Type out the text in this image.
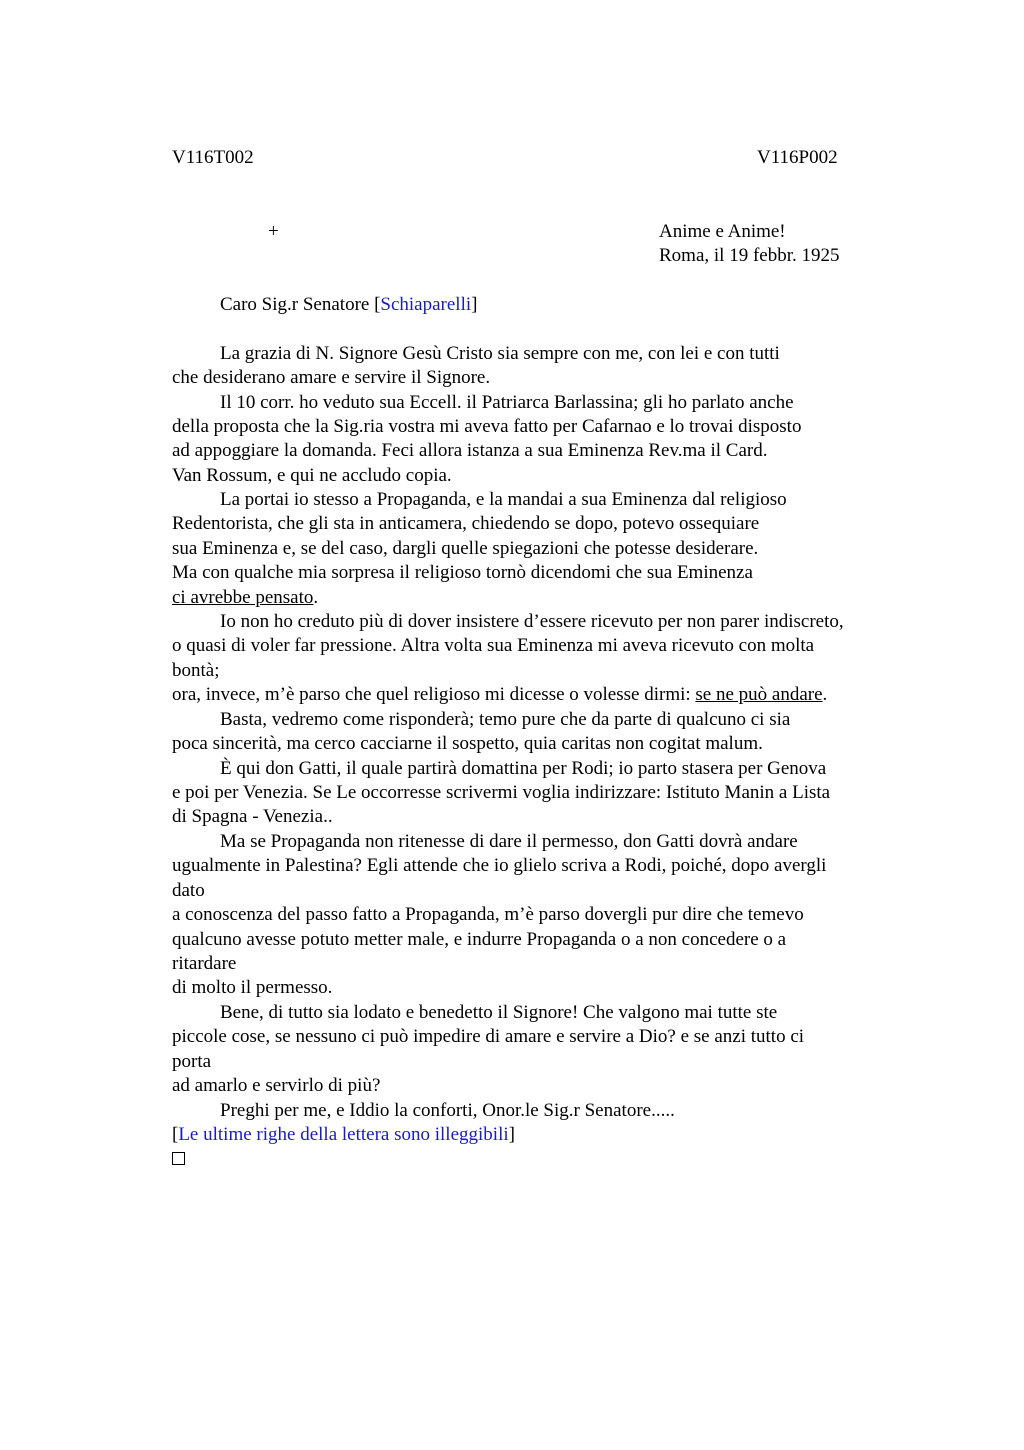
V116T002	V116P002
+	Anime e Anime!
Roma, il 19 febbr. 1925
Caro Sig.r Senatore [Schiaparelli]
La grazia di N. Signore Gesù Cristo sia sempre con me, con lei e con tutti
che desiderano amare e servire il Signore.
Il 10 corr. ho veduto sua Eccell. il Patriarca Barlassina; gli ho parlato anche
della proposta che la Sig.ria vostra mi aveva fatto per Cafarnao e lo trovai disposto
ad appoggiare la domanda. Feci allora istanza a sua Eminenza Rev.ma il Card.
Van Rossum, e qui ne accludo copia.
La portai io stesso a Propaganda, e la mandai a sua Eminenza dal religioso
Redentorista, che gli sta in anticamera, chiedendo se dopo, potevo ossequiare
sua Eminenza e, se del caso, dargli quelle spiegazioni che potesse desiderare.
Ma con qualche mia sorpresa il religioso tornò dicendomi che sua Eminenza
ci avrebbe pensato.
Io non ho creduto più di dover insistere d’essere ricevuto per non parer indiscreto,
o quasi di voler far pressione. Altra volta sua Eminenza mi aveva ricevuto con molta
bontà;
ora, invece, m’è parso che quel religioso mi dicesse o volesse dirmi: se ne può andare.
Basta, vedremo come risponderà; temo pure che da parte di qualcuno ci sia
poca sincerità, ma cerco cacciarne il sospetto, quia caritas non cogitat malum.
È qui don Gatti, il quale partirà domattina per Rodi; io parto stasera per Genova
e poi per Venezia. Se Le occorresse scrivermi voglia indirizzare: Istituto Manin a Lista
di Spagna - Venezia..
Ma se Propaganda non ritenesse di dare il permesso, don Gatti dovrà andare
ugualmente in Palestina? Egli attende che io glielo scriva a Rodi, poiché, dopo avergli
dato
a conoscenza del passo fatto a Propaganda, m’è parso dovergli pur dire che temevo
qualcuno avesse potuto metter male, e indurre Propaganda o a non concedere o a
ritardare
di molto il permesso.
Bene, di tutto sia lodato e benedetto il Signore! Che valgono mai tutte ste
piccole cose, se nessuno ci può impedire di amare e servire a Dio? e se anzi tutto ci
porta
ad amarlo e servirlo di più?
Preghi per me, e Iddio la conforti, Onor.le Sig.r Senatore.....
[Le ultime righe della lettera sono illeggibili]
